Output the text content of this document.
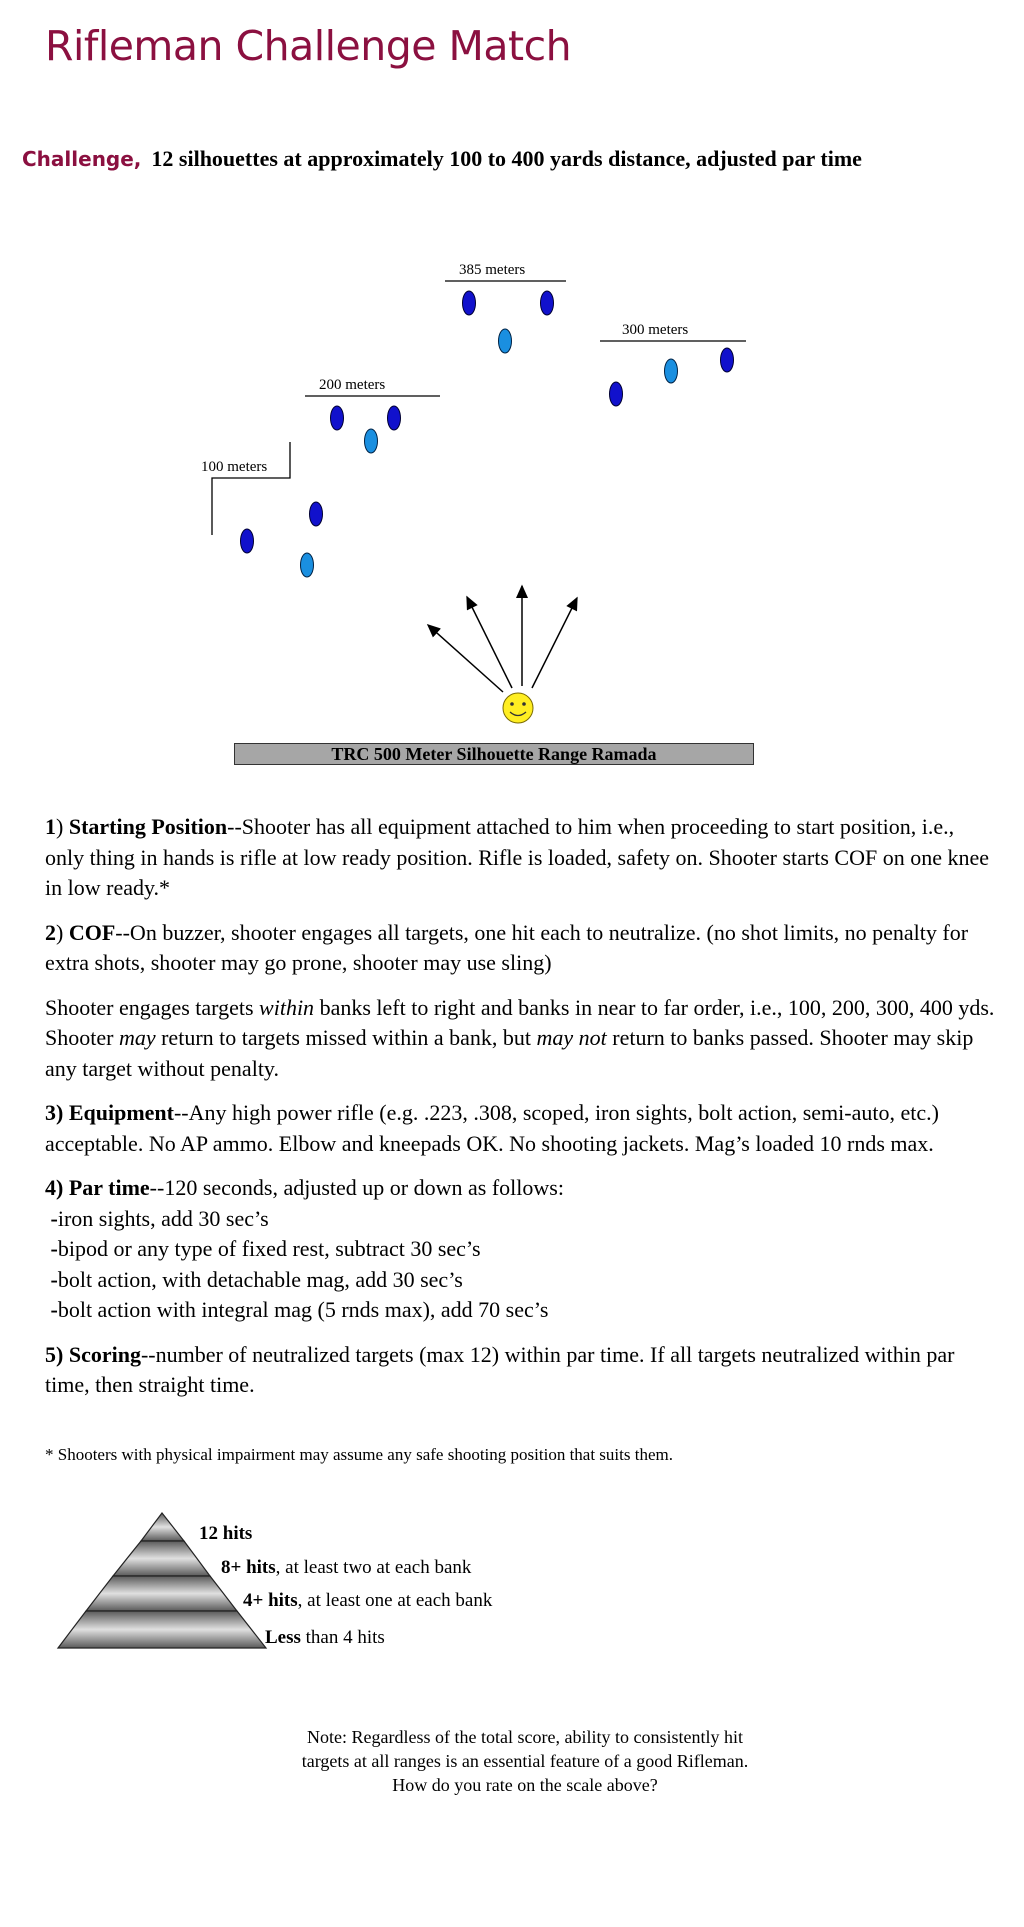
Rifleman Challenge Match
Challenge, 12 silhouettes at approximately 100 to 400 yards distance, adjusted par time
100 meters
200 meters
385 meters
300 meters
TRC 500 Meter Silhouette Range Ramada

1) Starting Position--Shooter has all equipment attached to him when proceeding to start position, i.e., only thing in hands is rifle at low ready position. Rifle is loaded, safety on. Shooter starts COF on one knee in low ready.*

2) COF--On buzzer, shooter engages all targets, one hit each to neutralize. (no shot limits, no penalty for extra shots, shooter may go prone, shooter may use sling)

Shooter engages targets within banks left to right and banks in near to far order, i.e., 100, 200, 300, 400 yds. Shooter may return to targets missed within a bank, but may not return to banks passed. Shooter may skip any target without penalty.

3) Equipment--Any high power rifle (e.g. .223, .308, scoped, iron sights, bolt action, semi-auto, etc.) acceptable. No AP ammo. Elbow and kneepads OK. No shooting jackets. Mag’s loaded 10 rnds max.

4) Par time--120 seconds, adjusted up or down as follows:
-iron sights, add 30 sec’s
-bipod or any type of fixed rest, subtract 30 sec’s
-bolt action, with detachable mag, add 30 sec’s
-bolt action with integral mag (5 rnds max), add 70 sec’s

5) Scoring--number of neutralized targets (max 12) within par time. If all targets neutralized within par time, then straight time.

* Shooters with physical impairment may assume any safe shooting position that suits them.
12 hits
8+ hits, at least two at each bank
4+ hits, at least one at each bank
Less than 4 hits
Note: Regardless of the total score, ability to consistently hit targets at all ranges is an essential feature of a good Rifleman. How do you rate on the scale above?
